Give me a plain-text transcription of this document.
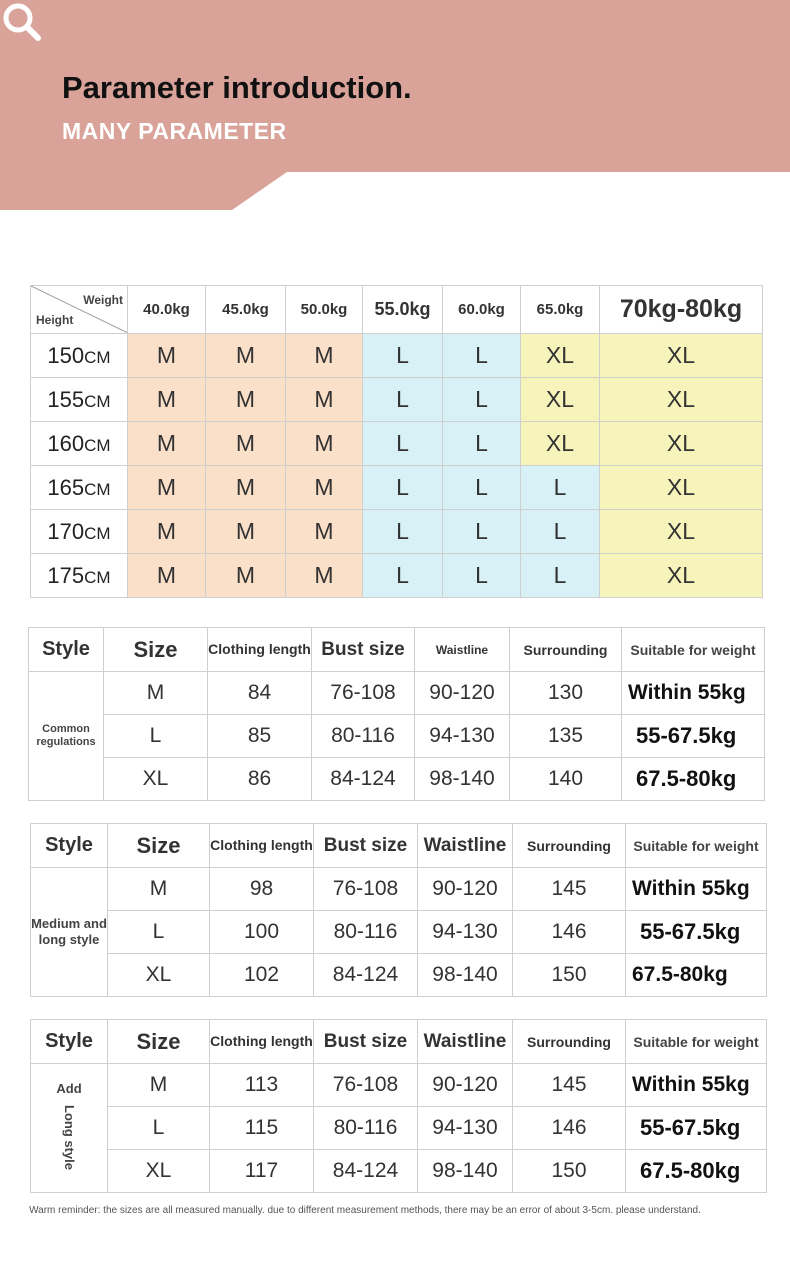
Parameter introduction.
MANY PARAMETER
Weight
Height	40.0kg	45.0kg	50.0kg	55.0kg	60.0kg	65.0kg	70kg-80kg
150CM	M	M	M	L	L	XL	XL
155CM	M	M	M	L	L	XL	XL
160CM	M	M	M	L	L	XL	XL
165CM	M	M	M	L	L	L	XL
170CM	M	M	M	L	L	L	XL
175CM	M	M	M	L	L	L	XL
Style	Size	Clothing length	Bust size	Waistline	Surrounding	Suitable for weight
Common regulations	M	84	76-108	90-120	130	Within 55kg
	L	85	80-116	94-130	135	55-67.5kg
	XL	86	84-124	98-140	140	67.5-80kg
Style	Size	Clothing length	Bust size	Waistline	Surrounding	Suitable for weight
Medium and long style	M	98	76-108	90-120	145	Within 55kg
	L	100	80-116	94-130	146	55-67.5kg
	XL	102	84-124	98-140	150	67.5-80kg
Style	Size	Clothing length	Bust size	Waistline	Surrounding	Suitable for weight

Add
Long style	M	113	76-108	90-120	145	Within 55kg
	L	115	80-116	94-130	146	55-67.5kg
	XL	117	84-124	98-140	150	67.5-80kg
Warm reminder: the sizes are all measured manually. due to different measurement methods, there may be an error of about 3-5cm. please understand.
